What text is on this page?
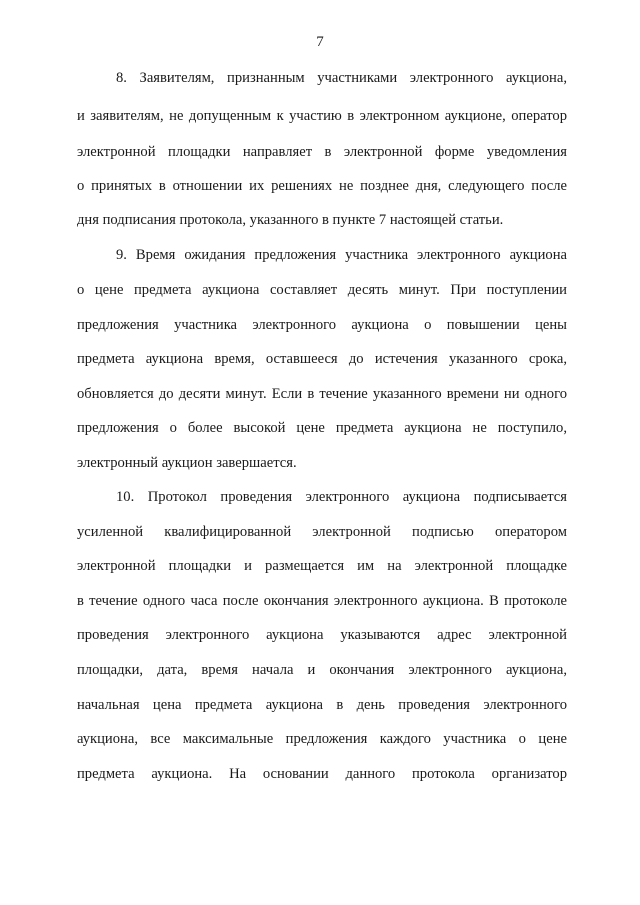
7
8. Заявителям, признанным участниками электронного аукциона,
и заявителям, не допущенным к участию в электронном аукционе, оператор
электронной площадки направляет в электронной форме уведомления
о принятых в отношении их решениях не позднее дня, следующего после
дня подписания протокола, указанного в пункте 7 настоящей статьи.
9. Время ожидания предложения участника электронного аукциона
о цене предмета аукциона составляет десять минут. При поступлении
предложения участника электронного аукциона о повышении цены
предмета аукциона время, оставшееся до истечения указанного срока,
обновляется до десяти минут. Если в течение указанного времени ни одного
предложения о более высокой цене предмета аукциона не поступило,
электронный аукцион завершается.
10. Протокол проведения электронного аукциона подписывается
усиленной квалифицированной электронной подписью оператором
электронной площадки и размещается им на электронной площадке
в течение одного часа после окончания электронного аукциона. В протоколе
проведения электронного аукциона указываются адрес электронной
площадки, дата, время начала и окончания электронного аукциона,
начальная цена предмета аукциона в день проведения электронного
аукциона, все максимальные предложения каждого участника о цене
предмета аукциона. На основании данного протокола организатор
